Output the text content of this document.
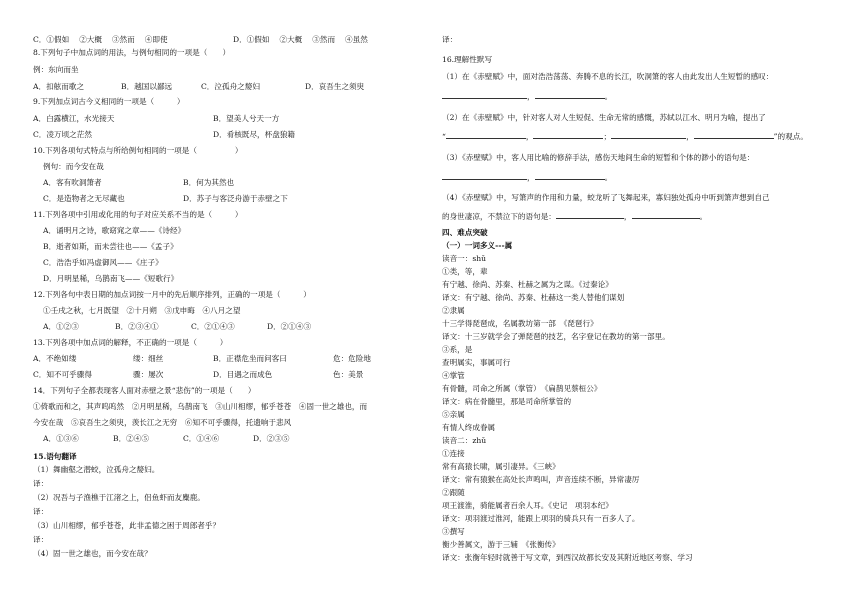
C．①假如　 ②大概　 ③然而　 ④即使	D．①假如　 ②大概　 ③然而　 ④虽然
8.下列句子中加点词的用法，与例句相同的一项是（　　）
例：东向而坐
A．扣舷而歌之	B．越国以鄙远	C．泣孤舟之嫠妇	D．哀吾生之须臾
9.下列加点词古今义相同的一项是（　　　）
A．白露横江，水光接天	B．望美人兮天一方
C．凌万顷之茫然	D．肴核既尽，杯盘狼籍
10.下列各项句式特点与所给例句相同的一项是（　　　　　）
例句：而今安在哉
A．客有吹洞箫者	B．何为其然也
C．是造物者之无尽藏也	D．苏子与客泛舟游于赤壁之下
11.下列各项中引用或化用的句子对应关系不当的是（　　　）
A．诵明月之诗，歌窈窕之章——《诗经》
B．逝者如斯，而未尝往也——《孟子》
C．浩浩乎如冯虚御风——《庄子》
D．月明星稀，乌鹊南飞——《短歌行》
12.下列各句中表日期的加点词按一月中的先后顺序排列，正确的一项是（　　　）
①壬戌之秋，七月既望　②十月朔　③戊申晦　④八月之望
A．①②③	B．②③④①	C．②①④③	D．②①④③
13.下列各项中加点词的解释，不正确的一项是（　　　）
A．不绝如缕	缕：细丝	B．正襟危坐而问客曰	危：危险地
C．知不可乎骤得	骤：屡次	D．目遇之而成色	色：美景
14．下列句子全都表现客人面对赤壁之景“悲伤”的一项是（　　）
①倚歌而和之，其声呜呜然　②月明星稀，乌鹊南飞　③山川相缪，郁乎苍苍　④固一世之雄也，而
今安在哉　⑤哀吾生之须臾，羡长江之无穷　⑥知不可乎骤得，托遗响于悲风
A．①③⑥	B．②④⑤	C．①④⑥	D．②③⑤
15.语句翻译
（1）舞幽壑之潜蛟，泣孤舟之嫠妇。
译：
（2）况吾与子渔樵于江渚之上，侣鱼虾而友麋鹿。
译：
（3）山川相缪，郁乎苍苍，此非孟德之困于周郎者乎？
译：
（4）固一世之雄也，而今安在哉？
译：
16.理解性默写
（1）在《赤壁赋》中，面对浩浩荡荡、奔腾不息的长江，吹洞箫的客人由此发出人生短暂的感叹：
，	。
（2）在《赤壁赋》中，针对客人对人生短促、生命无常的感慨，苏轼以江水、明月为喻，提出了
“	，	；	，	”的观点。
（3）《赤壁赋》中，客人用比喻的修辞手法，感伤天地间生命的短暂和个体的渺小的语句是：
，	。
（4）《赤壁赋》中，写箫声的作用和力量，蛟龙听了飞舞起来，寡妇独处孤舟中听到箫声想到自己
的身世凄凉，不禁泣下的语句是：	，	。
四、难点突破
（一）一词多义---属
读音一：shǔ
①类，等，辈
有宁越、徐尚、苏秦、杜赫之属为之谋。《过秦论》
译文：有宁越、徐尚、苏秦、杜赫这一类人替他们谋划
②隶属
十三学得琵琶成，名属教坊第一部　《琵琶行》
译文：十三岁就学会了弹琵琶的技艺，名字登记在教坊的第一部里。
③系，是
查明属实，事属可行
④掌管
有骨髓，司命之所属（掌管）　《扁鹊见蔡桓公》
译文：病在骨髓里，那是司命所掌管的
⑤亲属
有情人终成眷属
读音二：zhǔ
①连接
常有高猿长啸，属引凄异。《三峡》
译文：常有猿猴在高处长声鸣叫，声音连续不断，异常凄厉
②跟随
项王渡淮，骑能属者百余人耳。《史记　项羽本纪》
译文：项羽渡过淮河，能跟上项羽的骑兵只有一百多人了。
③撰写
衡少善属文，游于三辅　《张衡传》
译文：张衡年轻时就善于写文章，到西汉故都长安及其附近地区考察、学习
